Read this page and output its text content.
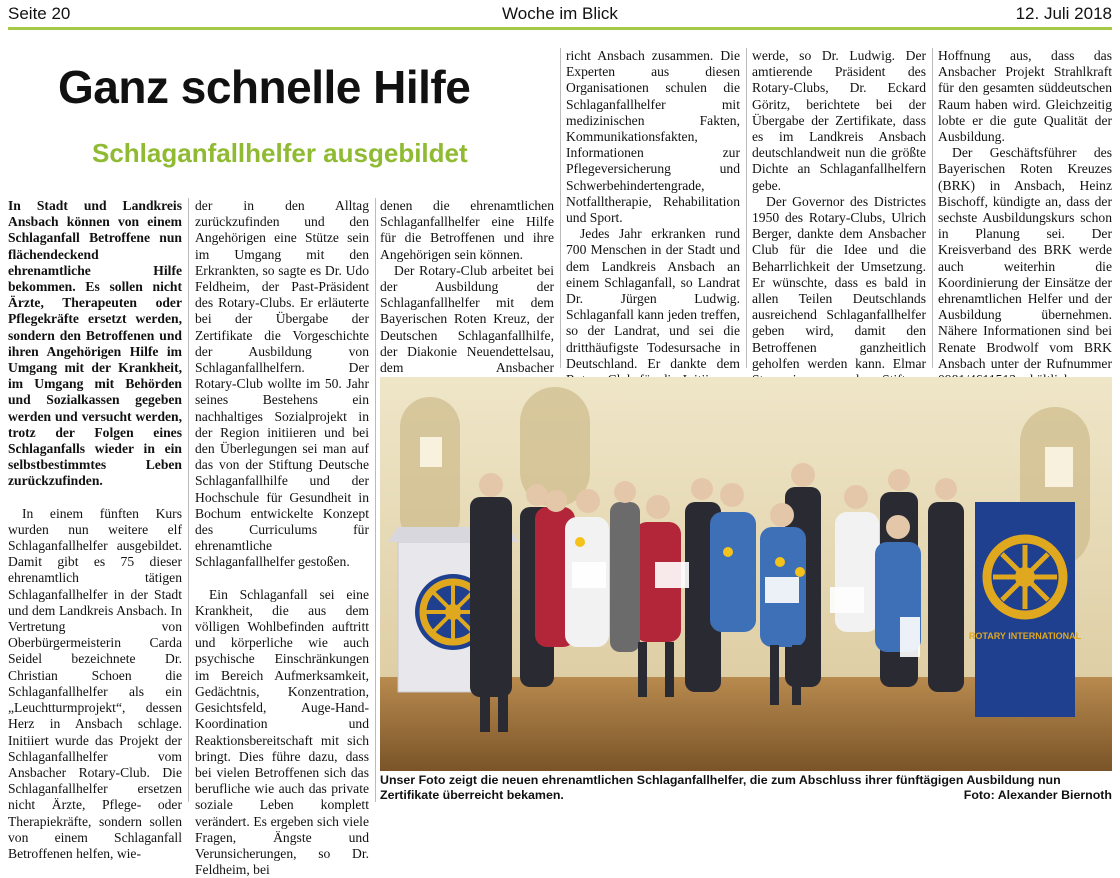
Seite 20	Woche im Blick	12. Juli 2018
Ganz schnelle Hilfe
Schlaganfallhelfer ausgebildet

In Stadt und Landkreis Ansbach können von einem Schlaganfall Betroffene nun flächendeckend ehrenamtliche Hilfe bekommen. Es sollen nicht Ärzte, Therapeuten oder Pflegekräfte ersetzt werden, sondern den Betroffenen und ihren Angehörigen Hilfe im Umgang mit der Krankheit, im Umgang mit Behörden und Sozialkassen gegeben werden und versucht werden, trotz der Folgen eines Schlaganfalls wieder in ein selbstbestimmtes Leben zurückzufinden.

In einem fünften Kurs wurden nun weitere elf Schlaganfallhelfer ausgebildet. Damit gibt es 75 dieser ehrenamtlich tätigen Schlaganfallhelfer in der Stadt und dem Landkreis Ansbach. In Vertretung von Oberbürgermeisterin Carda Seidel bezeichnete Dr. Christian Schoen die Schlaganfallhelfer als ein „Leuchtturmprojekt“, dessen Herz in Ansbach schlage. Initiiert wurde das Projekt der Schlaganfallhelfer vom Ansbacher Rotary-Club. Die Schlaganfallhelfer ersetzen nicht Ärzte, Pflege- oder Therapiekräfte, sondern sollen von einem Schlaganfall Betroffenen helfen, wie-

der in den Alltag zurückzufinden und den Angehörigen eine Stütze sein im Umgang mit den Erkrankten, so sagte es Dr. Udo Feldheim, der Past-Präsident des Rotary-Clubs. Er erläuterte bei der Übergabe der Zertifikate die Vorgeschichte der Ausbildung von Schlaganfallhelfern. Der Rotary-Club wollte im 50. Jahr seines Bestehens ein nachhaltiges Sozialprojekt in der Region initiieren und bei den Überlegungen sei man auf das von der Stiftung Deutsche Schlaganfallhilfe und der Hochschule für Gesundheit in Bochum entwickelte Konzept des Curriculums für ehrenamtliche Schlaganfallhelfer gestoßen.

Ein Schlaganfall sei eine Krankheit, die aus dem völligen Wohlbefinden auftritt und körperliche wie auch psychische Einschränkungen im Bereich Aufmerksamkeit, Gedächtnis, Konzentration, Gesichtsfeld, Auge-Hand-Koordination und Reaktionsbereitschaft mit sich bringt. Dies führe dazu, dass bei vielen Betroffenen sich das berufliche wie auch das private soziale Leben komplett verändert. Es ergeben sich viele Fragen, Ängste und Verunsicherungen, so Dr. Feldheim, bei

denen die ehrenamtlichen Schlaganfallhelfer eine Hilfe für die Betroffenen und ihre Angehörigen sein können.

Der Rotary-Club arbeitet bei der Ausbildung der Schlaganfallhelfer mit dem Bayerischen Roten Kreuz, der Deutschen Schlaganfallhilfe, der Diakonie Neuendettelsau, dem Ansbacher

richt Ansbach zusammen. Die Experten aus diesen Organisationen schulen die Schlaganfallhelfer mit medizinischen Fakten, Kommunikationsfakten, Informationen zur Pflegeversicherung und Schwerbehindertengrade, Notfalltherapie, Rehabilitation und Sport.

Jedes Jahr erkranken rund 700 Menschen in der Stadt und dem Landkreis Ansbach an einem Schlaganfall, so Landrat Dr. Jürgen Ludwig. Schlaganfall kann jeden treffen, so der Landrat, und sei die dritthäufigste Todesursache in Deutschland. Er dankte dem

werde, so Dr. Ludwig. Der amtierende Präsident des Rotary-Clubs, Dr. Eckard Göritz, berichtete bei der Übergabe der Zertifikate, dass es im Landkreis Ansbach deutschlandweit nun die größte Dichte an Schlaganfallhelfern gebe.

Der Governor des Districtes 1950 des Rotary-Clubs, Ulrich Berger, dankte dem Ansbacher Club für die Idee und die Beharrlichkeit der Umsetzung. Er wünschte, dass es bald in allen Teilen Deutschlands ausreichend Schlaganfallhelfer geben wird, damit den Betroffenen ganzheitlich geholfen werden kann. Elmar

Hoffnung aus, dass das Ansbacher Projekt Strahlkraft für den gesamten süddeutschen Raum haben wird. Gleichzeitig lobte er die gute Qualität der Ausbildung.

Der Geschäftsführer des Bayerischen Roten Kreuzes (BRK) in Ansbach, Heinz Bischoff, kündigte an, dass der sechste Ausbildungskurs schon in Planung sei. Der Kreisverband des BRK werde auch weiterhin die Koordinierung der Einsätze der ehrenamtlichen Helfer und der Ausbildung übernehmen. Nähere Informationen sind bei Renate Brodwolf vom BRK Ansbach unter der Rufnummer

ROTARY INTERNATIONAL
Unser Foto zeigt die neuen ehrenamtlichen Schlaganfallhelfer, die zum Abschluss ihrer fünftägigen Ausbildung nun Zertifikate überreicht bekamen.	Foto: Alexander Biernoth
